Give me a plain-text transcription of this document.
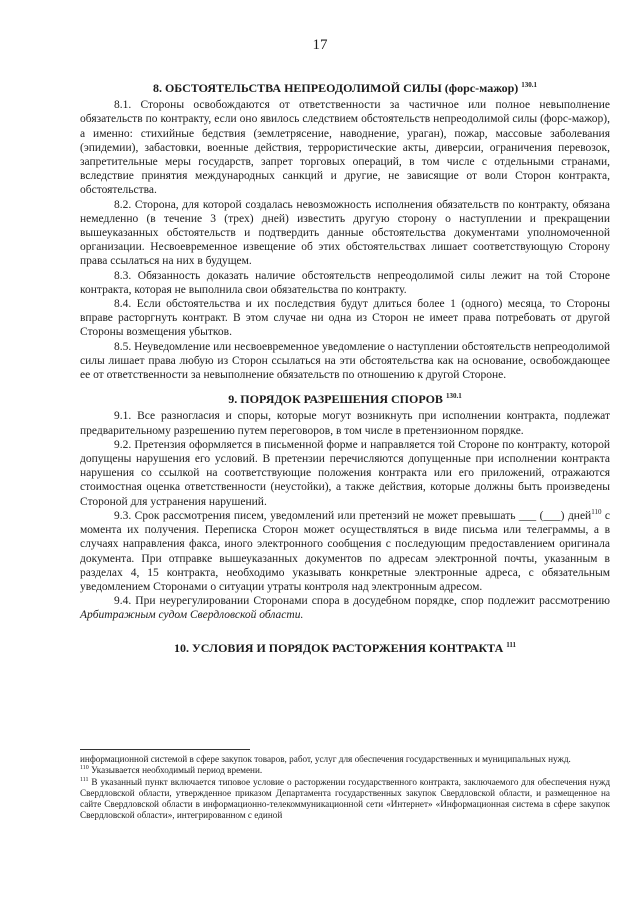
17
8. ОБСТОЯТЕЛЬСТВА НЕПРЕОДОЛИМОЙ СИЛЫ (форс-мажор) $^{130.1}$

8.1. Стороны освобождаются от ответственности за частичное или полное невыполнение обязательств по контракту, если оно явилось следствием обстоятельств непреодолимой силы (форс-мажор), а именно: стихийные бедствия (землетрясение, наводнение, ураган), пожар, массовые заболевания (эпидемии), забастовки, военные действия, террористические акты, диверсии, ограничения перевозок, запретительные меры государств, запрет торговых операций, в том числе с отдельными странами, вследствие принятия международных санкций и другие, не зависящие от воли Сторон контракта, обстоятельства.

8.2. Сторона, для которой создалась невозможность исполнения обязательств по контракту, обязана немедленно (в течение 3 (трех) дней) известить другую сторону о наступлении и прекращении вышеуказанных обстоятельств и подтвердить данные обстоятельства документами уполномоченной организации. Несвоевременное извещение об этих обстоятельствах лишает соответствующую Сторону права ссылаться на них в будущем.

8.3. Обязанность доказать наличие обстоятельств непреодолимой силы лежит на той Стороне контракта, которая не выполнила свои обязательства по контракту.

8.4. Если обстоятельства и их последствия будут длиться более 1 (одного) месяца, то Стороны вправе расторгнуть контракт. В этом случае ни одна из Сторон не имеет права потребовать от другой Стороны возмещения убытков.

8.5. Неуведомление или несвоевременное уведомление о наступлении обстоятельств непреодолимой силы лишает права любую из Сторон ссылаться на эти обстоятельства как на основание, освобождающее ее от ответственности за невыполнение обязательств по отношению к другой Стороне.

9. ПОРЯДОК РАЗРЕШЕНИЯ СПОРОВ $^{130.1}$

9.1. Все разногласия и споры, которые могут возникнуть при исполнении контракта, подлежат предварительному разрешению путем переговоров, в том числе в претензионном порядке.

9.2. Претензия оформляется в письменной форме и направляется той Стороне по контракту, которой допущены нарушения его условий. В претензии перечисляются допущенные при исполнении контракта нарушения со ссылкой на соответствующие положения контракта или его приложений, отражаются стоимостная оценка ответственности (неустойки), а также действия, которые должны быть произведены Стороной для устранения нарушений.

9.3. Срок рассмотрения писем, уведомлений или претензий не может превышать ___ (___) дней$^{110}$ с момента их получения. Переписка Сторон может осуществляться в виде письма или телеграммы, а в случаях направления факса, иного электронного сообщения с последующим предоставлением оригинала документа. При отправке вышеуказанных документов по адресам электронной почты, указанным в разделах 4, 15 контракта, необходимо указывать конкретные электронные адреса, с обязательным уведомлением Сторонами о ситуации утраты контроля над электронным адресом.

9.4. При неурегулировании Сторонами спора в досудебном порядке, спор подлежит рассмотрению Арбитражным судом Свердловской области.

10. УСЛОВИЯ И ПОРЯДОК РАСТОРЖЕНИЯ КОНТРАКТА $^{111}$

информационной системой в сфере закупок товаров, работ, услуг для обеспечения государственных и муниципальных нужд.

$^{110}$ Указывается необходимый период времени.

$^{111}$ В указанный пункт включается типовое условие о расторжении государственного контракта, заключаемого для обеспечения нужд Свердловской области, утвержденное приказом Департамента государственных закупок Свердловской области, и размещенное на сайте Свердловской области в информационно-телекоммуникационной сети «Интернет» «Информационная система в сфере закупок Свердловской области», интегрированном с единой
